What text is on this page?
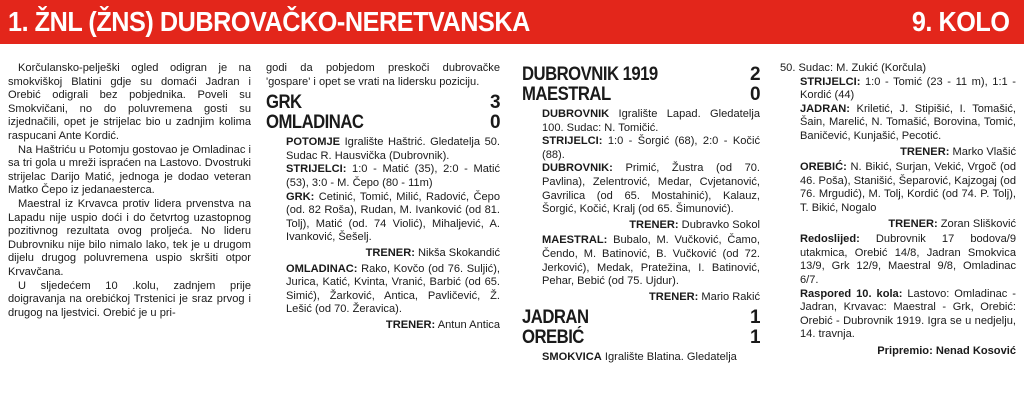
1. ŽNL (ŽNS) DUBROVAČKO-NERETVANSKA	9. KOLO
Korčulansko-pelješki ogled odigran je na smokviškoj Blatini gdje su domaći Jadran i Orebić odigrali bez pobjednika. Poveli su Smokvičani, no do poluvremena gosti su izjednačili, opet je strijelac bio u zadnjim kolima raspucani Ante Kordić.
Na Haštriću u Potomju gostovao je Omladinac i sa tri gola u mreži ispraćen na Lastovo. Dvostruki strijelac Darijo Matić, jednoga je dodao veteran Matko Čepo iz jedanaesterca.
Maestral iz Krvavca protiv lidera prvenstva na Lapadu nije uspio doći i do četvrtog uzastopnog pozitivnog rezultata ovog proljeća. No lideru Dubrovniku nije bilo nimalo lako, tek je u drugom dijelu drugog poluvremena uspio skršiti otpor Krvavčana.
U sljedećem 10 .kolu, zadnjem prije doigravanja na orebićkoj Trstenici je sraz prvog i drugog na ljestvici. Orebić je u pri-
godi da pobjedom preskoči dubrovačke 'gospare' i opet se vrati na lidersku poziciju.
GRK	3
OMLADINAC	0
POTOMJE Igralište Haštrić. Gledatelja 50. Sudac R. Hausvička (Dubrovnik).
STRIJELCI: 1:0 - Matić (35), 2:0 - Matić (53), 3:0 - M. Čepo (80 - 11m)
GRK: Cetinić, Tomić, Milić, Radović, Čepo (od. 82 Roša), Rudan, M. Ivanković (od 81. Tolj), Matić (od. 74 Violić), Mihaljević, A. Ivanković, Šešelj.
TRENER: Nikša Skokandić
OMLADINAC: Rako, Kovčo (od 76. Suljić), Jurica, Katić, Kvinta, Vranić, Barbić (od 65. Simić), Žarković, Antica, Pavličević, Ž. Lešić (od 70. Žeravica).
TRENER: Antun Antica
DUBROVNIK 1919	2
MAESTRAL	0
DUBROVNIK Igralište Lapad. Gledatelja 100. Sudac: N. Tomičić.
STRIJELCI: 1:0 - Šorgić (68), 2:0 - Kočić (88).
DUBROVNIK: Primić, Žustra (od 70. Pavlina), Zelentrović, Medar, Cvjetanović, Gavrilica (od 65. Mostahinić), Kalauz, Šorgić, Kočić, Kralj (od 65. Šimunović).
TRENER: Dubravko Sokol
MAESTRAL: Bubalo, M. Vučković, Čamo, Čendo, M. Batinović, B. Vučković (od 72. Jerković), Medak, Pratežina, I. Batinović, Pehar, Bebić (od 75. Ujdur).
TRENER: Mario Rakić
JADRAN	1
OREBIĆ	1
SMOKVICA Igralište Blatina. Gledatelja
50. Sudac: M. Zukić (Korčula)
STRIJELCI: 1:0 - Tomić (23 - 11 m), 1:1 - Kordić (44)
JADRAN: Kriletić, J. Stipišić, I. Tomašić, Šain, Marelić, N. Tomašić, Borovina, Tomić, Baničević, Kunjašić, Pecotić.
TRENER: Marko Vlašić
OREBIĆ: N. Bikić, Surjan, Vekić, Vrgoč (od 46. Poša), Stanišić, Šeparović, Kajzogaj (od 76. Mrgudić), M. Tolj, Kordić (od 74. P. Tolj), T. Bikić, Nogalo
TRENER: Zoran Slišković
Redoslijed: Dubrovnik 17 bodova/9 utakmica, Orebić 14/8, Jadran Smokvica 13/9, Grk 12/9, Maestral 9/8, Omladinac 6/7.
Raspored 10. kola: Lastovo: Omladinac - Jadran, Krvavac: Maestral - Grk, Orebić: Orebić - Dubrovnik 1919. Igra se u nedjelju, 14. travnja.
Pripremio: Nenad Kosović
